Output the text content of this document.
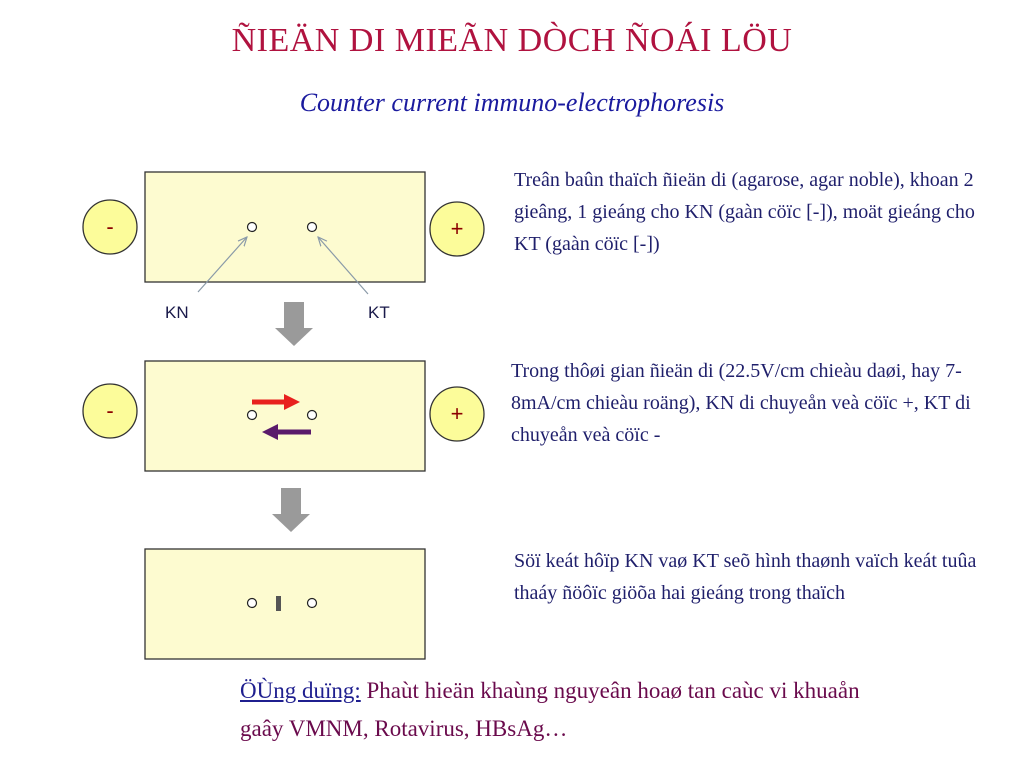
ÑIEÄN DI MIEÃN DÒCH ÑOÁI LÖU

Counter current immuno-electrophoresis

-	+
KN	KT
-	+

Treân baûn thaïch ñieän di (agarose, agar noble), khoan 2 gieâng, 1 gieáng cho KN (gaàn cöïc [-]), moät gieáng cho KT (gaàn cöïc [-])

Trong thôøi gian ñieän di (22.5V/cm chieàu daøi, hay 7-8mA/cm chieàu roäng), KN di chuyeån veà cöïc +, KT di chuyeån veà cöïc -

Söï keát hôïp KN vaø KT seõ hình thaønh vaïch keát tuûa thaáy ñöôïc giöõa hai gieáng trong thaïch

ÖÙng duïng: Phaùt hieän khaùng nguyeân hoaø tan caùc vi khuaån gaây VMNM, Rotavirus, HBsAg…
